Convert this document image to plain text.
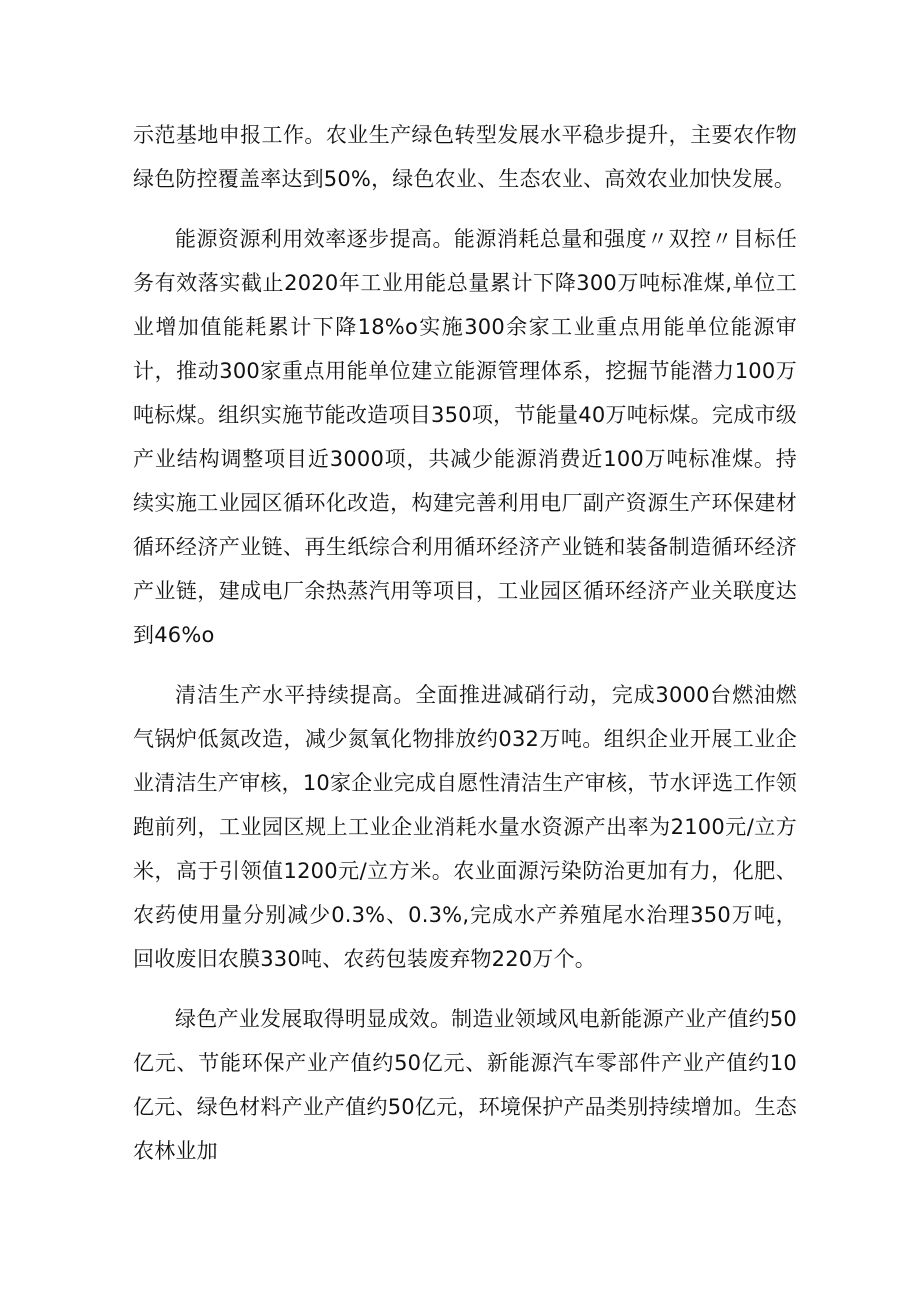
示范基地申报工作。农业生产绿色转型发展水平稳步提升，主要农作物绿色防控覆盖率达到50%，绿色农业、生态农业、高效农业加快发展。

能源资源利用效率逐步提高。能源消耗总量和强度〃双控〃目标任务有效落实截止2020年工业用能总量累计下降300万吨标准煤,单位工业增加值能耗累计下降18%o实施300余家工业重点用能单位能源审计，推动300家重点用能单位建立能源管理体系，挖掘节能潜力100万吨标煤。组织实施节能改造项目350项，节能量40万吨标煤。完成市级产业结构调整项目近3000项，共减少能源消费近100万吨标准煤。持续实施工业园区循环化改造，构建完善利用电厂副产资源生产环保建材循环经济产业链、再生纸综合利用循环经济产业链和装备制造循环经济产业链，建成电厂余热蒸汽用等项目，工业园区循环经济产业关联度达到46%o

清洁生产水平持续提高。全面推进减硝行动，完成3000台燃油燃气锅炉低氮改造，减少氮氧化物排放约032万吨。组织企业开展工业企业清洁生产审核，10家企业完成自愿性清洁生产审核，节水评选工作领跑前列，工业园区规上工业企业消耗水量水资源产出率为2100元/立方米，高于引领值1200元/立方米。农业面源污染防治更加有力，化肥、农药使用量分别减少0.3%、0.3%,完成水产养殖尾水治理350万吨，回收废旧农膜330吨、农药包装废弃物220万个。

绿色产业发展取得明显成效。制造业领域风电新能源产业产值约50亿元、节能环保产业产值约50亿元、新能源汽车零部件产业产值约10亿元、绿色材料产业产值约50亿元，环境保护产品类别持续增加。生态农林业加
